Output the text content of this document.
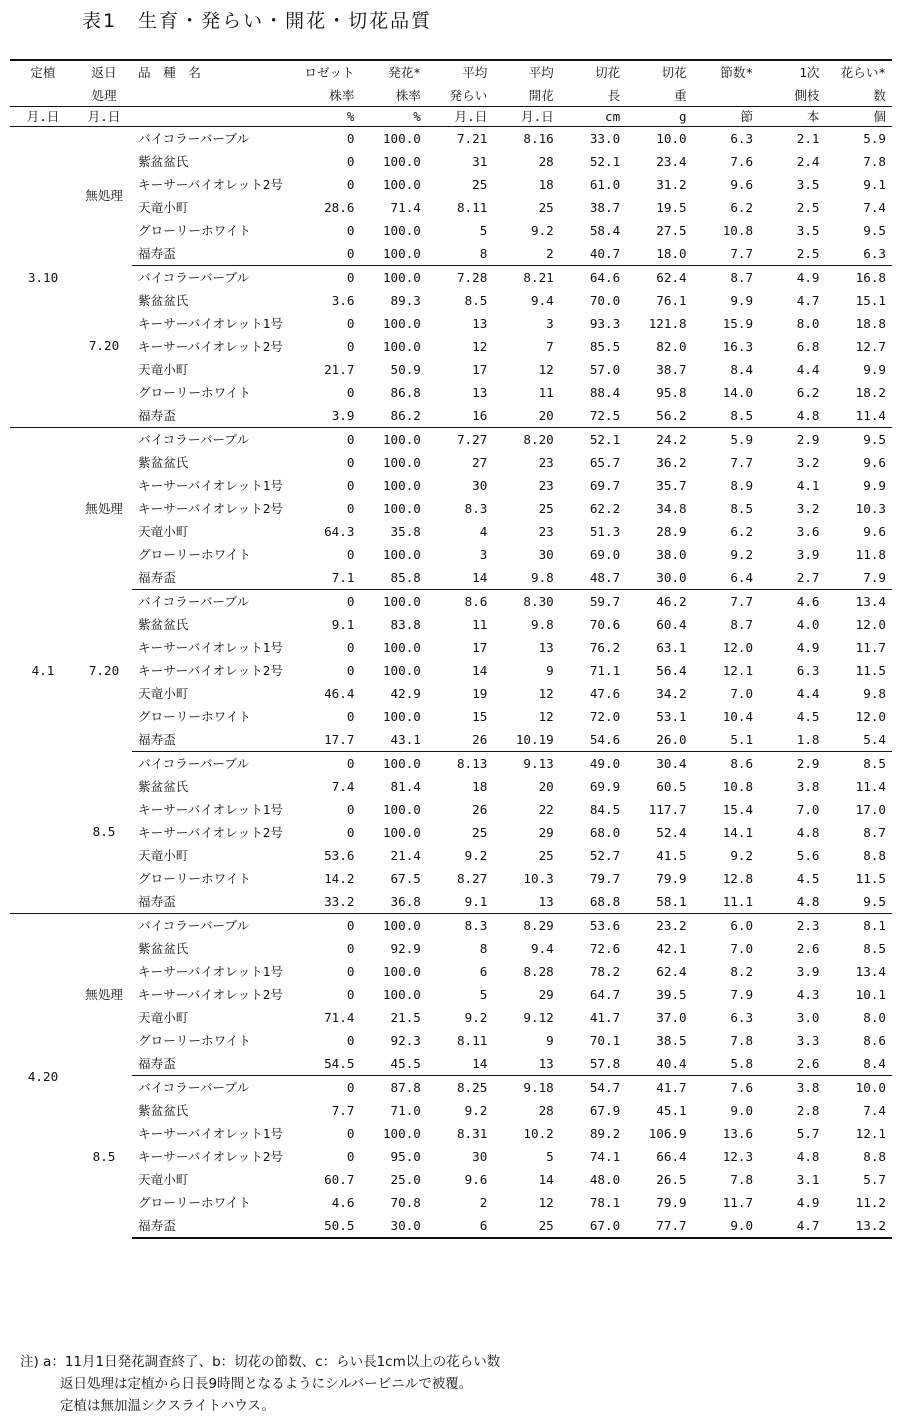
表1　生育・発らい・開花・切花品質
定植	返日	品　種　名	ロゼット	発花*	平均	平均	切花	切花	節数*	1次	花らい*
	処理		株率	株率	発らい	開花	長	重		側枝	数
月.日	月.日		%	%	月.日	月.日	cm	g	節	本	個
3.10	無処理	バイコラーバーブル	0	100.0	7.21	8.16	33.0	10.0	6.3	2.1	5.9
		紫盆盆氏	0	100.0	31	28	52.1	23.4	7.6	2.4	7.8
		キーサーバイオレット2号	0	100.0	25	18	61.0	31.2	9.6	3.5	9.1
		天竜小町	28.6	71.4	8.11	25	38.7	19.5	6.2	2.5	7.4
		グローリーホワイト	0	100.0	5	9.2	58.4	27.5	10.8	3.5	9.5
		福寿盃	0	100.0	8	2	40.7	18.0	7.7	2.5	6.3
	7.20	バイコラーバーブル	0	100.0	7.28	8.21	64.6	62.4	8.7	4.9	16.8
		紫盆盆氏	3.6	89.3	8.5	9.4	70.0	76.1	9.9	4.7	15.1
		キーサーバイオレット1号	0	100.0	13	3	93.3	121.8	15.9	8.0	18.8
		キーサーバイオレット2号	0	100.0	12	7	85.5	82.0	16.3	6.8	12.7
		天竜小町	21.7	50.9	17	12	57.0	38.7	8.4	4.4	9.9
		グローリーホワイト	0	86.8	13	11	88.4	95.8	14.0	6.2	18.2
		福寿盃	3.9	86.2	16	20	72.5	56.2	8.5	4.8	11.4
4.1	無処理	バイコラーバーブル	0	100.0	7.27	8.20	52.1	24.2	5.9	2.9	9.5
		紫盆盆氏	0	100.0	27	23	65.7	36.2	7.7	3.2	9.6
		キーサーバイオレット1号	0	100.0	30	23	69.7	35.7	8.9	4.1	9.9
		キーサーバイオレット2号	0	100.0	8.3	25	62.2	34.8	8.5	3.2	10.3
		天竜小町	64.3	35.8	4	23	51.3	28.9	6.2	3.6	9.6
		グローリーホワイト	0	100.0	3	30	69.0	38.0	9.2	3.9	11.8
		福寿盃	7.1	85.8	14	9.8	48.7	30.0	6.4	2.7	7.9
	7.20	バイコラーバーブル	0	100.0	8.6	8.30	59.7	46.2	7.7	4.6	13.4
		紫盆盆氏	9.1	83.8	11	9.8	70.6	60.4	8.7	4.0	12.0
		キーサーバイオレット1号	0	100.0	17	13	76.2	63.1	12.0	4.9	11.7
		キーサーバイオレット2号	0	100.0	14	9	71.1	56.4	12.1	6.3	11.5
		天竜小町	46.4	42.9	19	12	47.6	34.2	7.0	4.4	9.8
		グローリーホワイト	0	100.0	15	12	72.0	53.1	10.4	4.5	12.0
		福寿盃	17.7	43.1	26	10.19	54.6	26.0	5.1	1.8	5.4
	8.5	バイコラーバーブル	0	100.0	8.13	9.13	49.0	30.4	8.6	2.9	8.5
		紫盆盆氏	7.4	81.4	18	20	69.9	60.5	10.8	3.8	11.4
		キーサーバイオレット1号	0	100.0	26	22	84.5	117.7	15.4	7.0	17.0
		キーサーバイオレット2号	0	100.0	25	29	68.0	52.4	14.1	4.8	8.7
		天竜小町	53.6	21.4	9.2	25	52.7	41.5	9.2	5.6	8.8
		グローリーホワイト	14.2	67.5	8.27	10.3	79.7	79.9	12.8	4.5	11.5
		福寿盃	33.2	36.8	9.1	13	68.8	58.1	11.1	4.8	9.5
4.20	無処理	バイコラーバーブル	0	100.0	8.3	8.29	53.6	23.2	6.0	2.3	8.1
		紫盆盆氏	0	92.9	8	9.4	72.6	42.1	7.0	2.6	8.5
		キーサーバイオレット1号	0	100.0	6	8.28	78.2	62.4	8.2	3.9	13.4
		キーサーバイオレット2号	0	100.0	5	29	64.7	39.5	7.9	4.3	10.1
		天竜小町	71.4	21.5	9.2	9.12	41.7	37.0	6.3	3.0	8.0
		グローリーホワイト	0	92.3	8.11	9	70.1	38.5	7.8	3.3	8.6
		福寿盃	54.5	45.5	14	13	57.8	40.4	5.8	2.6	8.4
	8.5	バイコラーバーブル	0	87.8	8.25	9.18	54.7	41.7	7.6	3.8	10.0
		紫盆盆氏	7.7	71.0	9.2	28	67.9	45.1	9.0	2.8	7.4
		キーサーバイオレット1号	0	100.0	8.31	10.2	89.2	106.9	13.6	5.7	12.1
		キーサーバイオレット2号	0	95.0	30	5	74.1	66.4	12.3	4.8	8.8
		天竜小町	60.7	25.0	9.6	14	48.0	26.5	7.8	3.1	5.7
		グローリーホワイト	4.6	70.8	2	12	78.1	79.9	11.7	4.9	11.2
		福寿盃	50.5	30.0	6	25	67.0	77.7	9.0	4.7	13.2
注) a：11月1日発花調査終了、b：切花の節数、c：らい長1cm以上の花らい数
返日処理は定植から日長9時間となるようにシルバービニルで被覆。
定植は無加温シクスライトハウス。
